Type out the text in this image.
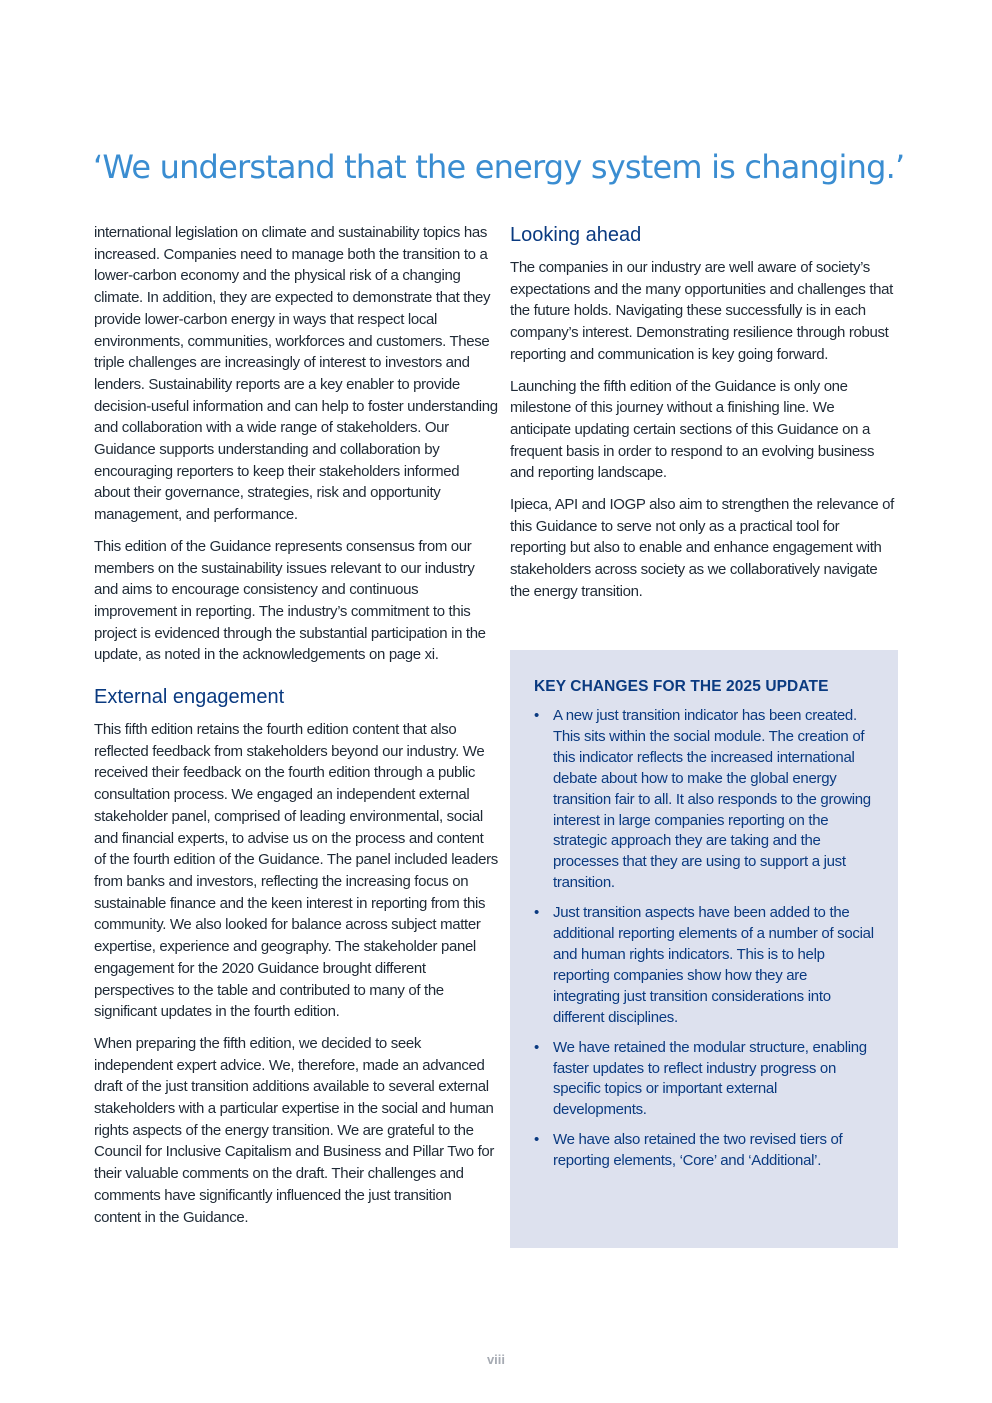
‘We understand that the energy system is changing.’

international legislation on climate and sustainability topics has increased. Companies need to manage both the transition to a lower-carbon economy and the physical risk of a changing climate. In addition, they are expected to demonstrate that they provide lower-carbon energy in ways that respect local environments, communities, workforces and customers. These triple challenges are increasingly of interest to investors and lenders. Sustainability reports are a key enabler to provide decision-useful information and can help to foster understanding and collaboration with a wide range of stakeholders. Our Guidance supports understanding and collaboration by encouraging reporters to keep their stakeholders informed about their governance, strategies, risk and opportunity management, and performance.

This edition of the Guidance represents consensus from our members on the sustainability issues relevant to our industry and aims to encourage consistency and continuous improvement in reporting. The industry’s commitment to this project is evidenced through the substantial participation in the update, as noted in the acknowledgements on page xi.

External engagement

This fifth edition retains the fourth edition content that also reflected feedback from stakeholders beyond our industry. We received their feedback on the fourth edition through a public consultation process. We engaged an independent external stakeholder panel, comprised of leading environmental, social and financial experts, to advise us on the process and content of the fourth edition of the Guidance. The panel included leaders from banks and investors, reflecting the increasing focus on sustainable finance and the keen interest in reporting from this community. We also looked for balance across subject matter expertise, experience and geography. The stakeholder panel engagement for the 2020 Guidance brought different perspectives to the table and contributed to many of the significant updates in the fourth edition.

When preparing the fifth edition, we decided to seek independent expert advice. We, therefore, made an advanced draft of the just transition additions available to several external stakeholders with a particular expertise in the social and human rights aspects of the energy transition. We are grateful to the Council for Inclusive Capitalism and Business and Pillar Two for their valuable comments on the draft. Their challenges and comments have significantly influenced the just transition content in the Guidance.

Looking ahead

The companies in our industry are well aware of society’s expectations and the many opportunities and challenges that the future holds. Navigating these successfully is in each company’s interest. Demonstrating resilience through robust reporting and communication is key going forward.

Launching the fifth edition of the Guidance is only one milestone of this journey without a finishing line. We anticipate updating certain sections of this Guidance on a frequent basis in order to respond to an evolving business and reporting landscape.

Ipieca, API and IOGP also aim to strengthen the relevance of this Guidance to serve not only as a practical tool for reporting but also to enable and enhance engagement with stakeholders across society as we collaboratively navigate the energy transition.

KEY CHANGES FOR THE 2025 UPDATE
• A new just transition indicator has been created. This sits within the social module. The creation of this indicator reflects the increased international debate about how to make the global energy transition fair to all. It also responds to the growing interest in large companies reporting on the strategic approach they are taking and the processes that they are using to support a just transition.
• Just transition aspects have been added to the additional reporting elements of a number of social and human rights indicators. This is to help reporting companies show how they are integrating just transition considerations into different disciplines.
• We have retained the modular structure, enabling faster updates to reflect industry progress on specific topics or important external developments.
• We have also retained the two revised tiers of reporting elements, ‘Core’ and ‘Additional’.
viii
